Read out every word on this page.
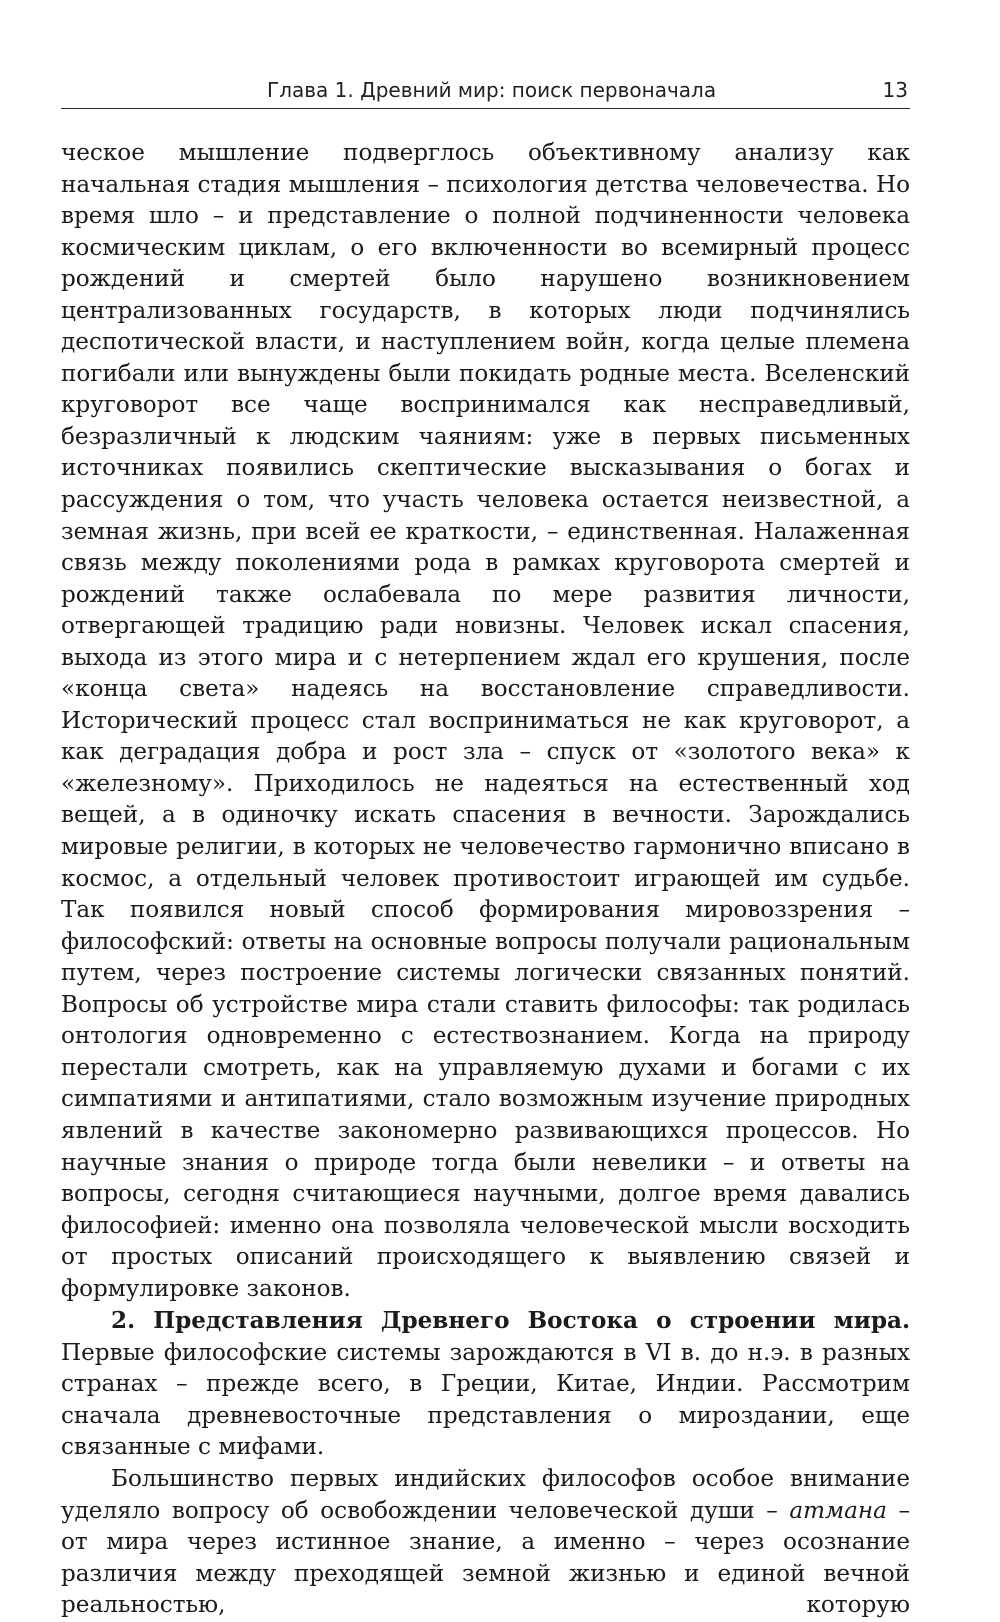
Глава 1. Древний мир: поиск первоначала	13

ческое мышление подверглось объективному анализу как начальная стадия мышления – психология детства человечества. Но время шло – и представление о полной подчиненности человека космическим циклам, о его включенности во всемирный процесс рождений и смертей было нарушено возникновением централизованных государств, в которых люди подчинялись деспотической власти, и наступлением войн, когда целые племена погибали или вынуждены были покидать родные места. Вселенский круговорот все чаще воспринимался как несправедливый, безразличный к людским чаяниям: уже в первых письменных источниках появились скептические высказывания о богах и рассуждения о том, что участь человека остается неизвестной, а земная жизнь, при всей ее краткости, – единственная. Налаженная связь между поколениями рода в рамках круговорота смертей и рождений также ослабевала по мере развития личности, отвергающей традицию ради новизны. Человек искал спасения, выхода из этого мира и с нетерпением ждал его крушения, после «конца света» надеясь на восстановление справедливости. Исторический процесс стал восприниматься не как круговорот, а как деградация добра и рост зла – спуск от «золотого века» к «железному». Приходилось не надеяться на естественный ход вещей, а в одиночку искать спасения в вечности. Зарождались мировые религии, в которых не человечество гармонично вписано в космос, а отдельный человек противостоит играющей им судьбе. Так появился новый способ формирования мировоззрения – философский: ответы на основные вопросы получали рациональным путем, через построение системы логически связанных понятий. Вопросы об устройстве мира стали ставить философы: так родилась онтология одновременно с естествознанием. Когда на природу перестали смотреть, как на управляемую духами и богами с их симпатиями и антипатиями, стало возможным изучение природных явлений в качестве закономерно развивающихся процессов. Но научные знания о природе тогда были невелики – и ответы на вопросы, сегодня считающиеся научными, долгое время давались философией: именно она позволяла человеческой мысли восходить от простых описаний происходящего к выявлению связей и формулировке законов.

2. Представления Древнего Востока о строении мира. Первые философские системы зарождаются в VI в. до н.э. в разных странах – прежде всего, в Греции, Китае, Индии. Рассмотрим сначала древневосточные представления о мироздании, еще связанные с мифами.

Большинство первых индийских философов особое внимание уделяло вопросу об освобождении человеческой души – атмана – от мира через истинное знание, а именно – через осознание различия между преходящей земной жизнью и единой вечной реальностью, которую
